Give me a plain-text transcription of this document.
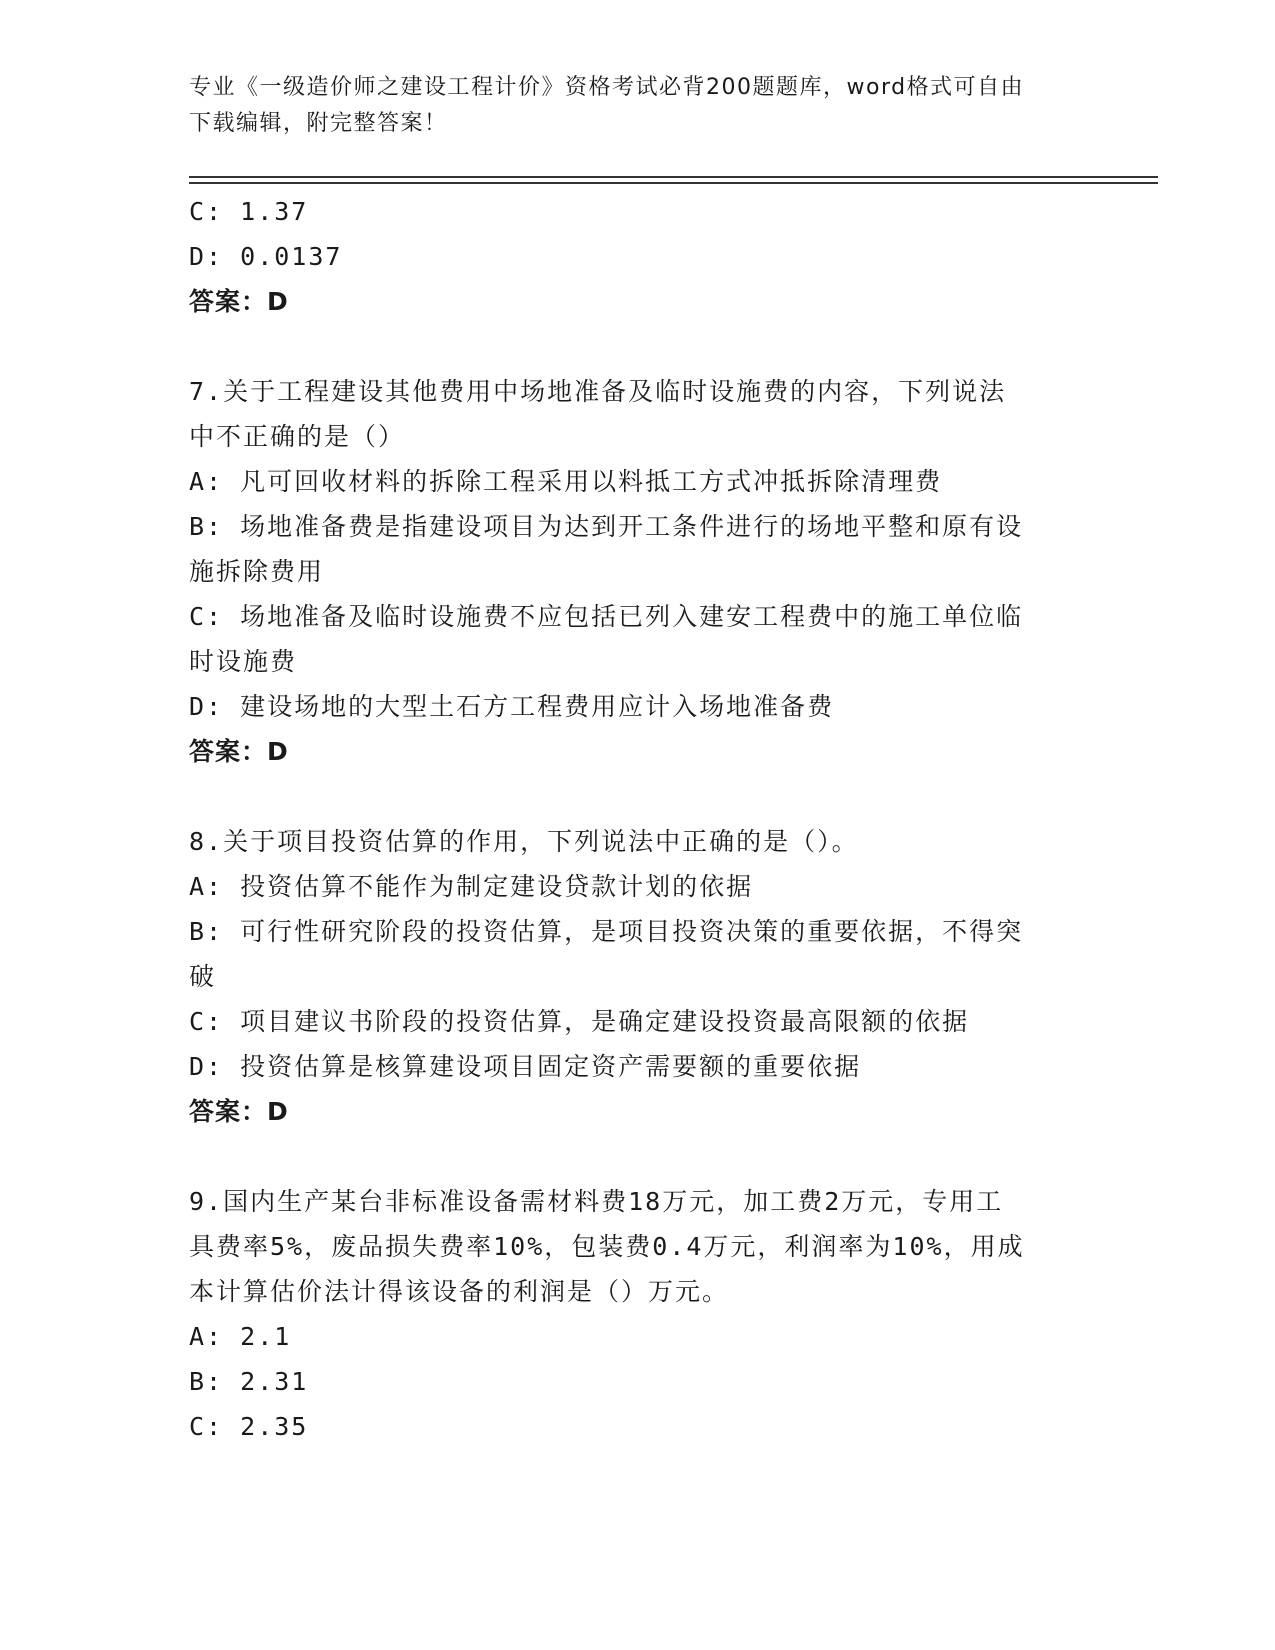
专业《一级造价师之建设工程计价》资格考试必背200题题库，word格式可自由
下载编辑，附完整答案！
C: 1.37
D: 0.0137
答案：D
7.关于工程建设其他费用中场地准备及临时设施费的内容，下列说法
中不正确的是（）
A: 凡可回收材料的拆除工程采用以料抵工方式冲抵拆除清理费
B: 场地准备费是指建设项目为达到开工条件进行的场地平整和原有设
施拆除费用
C: 场地准备及临时设施费不应包括已列入建安工程费中的施工单位临
时设施费
D: 建设场地的大型土石方工程费用应计入场地准备费
答案：D
8.关于项目投资估算的作用，下列说法中正确的是（）。
A: 投资估算不能作为制定建设贷款计划的依据
B: 可行性研究阶段的投资估算，是项目投资决策的重要依据，不得突
破
C: 项目建议书阶段的投资估算，是确定建设投资最高限额的依据
D: 投资估算是核算建设项目固定资产需要额的重要依据
答案：D
9.国内生产某台非标准设备需材料费18万元，加工费2万元，专用工
具费率5%，废品损失费率10%，包装费0.4万元，利润率为10%，用成
本计算估价法计得该设备的利润是（）万元。
A: 2.1
B: 2.31
C: 2.35
